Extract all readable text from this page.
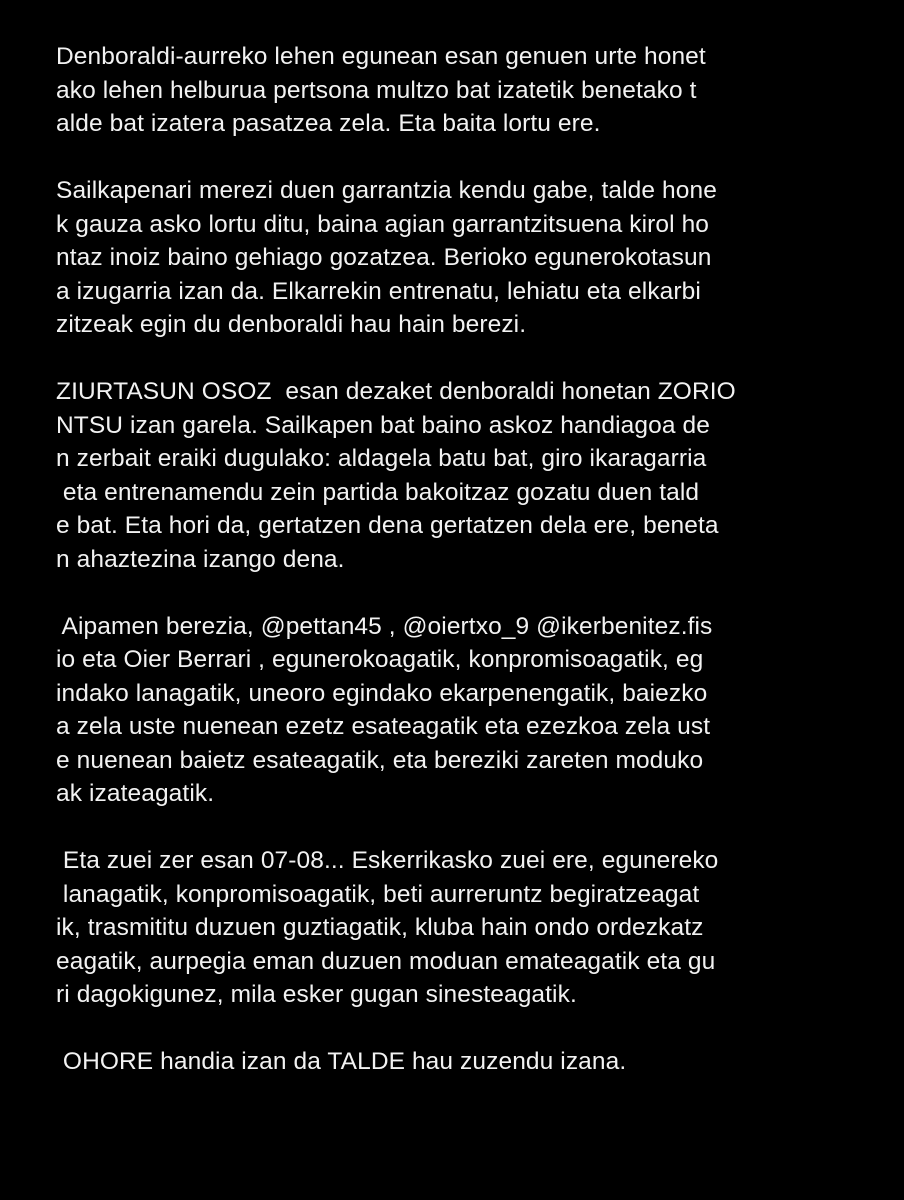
Denboraldi-aurreko lehen egunean esan genuen urte honet
ako lehen helburua pertsona multzo bat izatetik benetako t
alde bat izatera pasatzea zela. Eta baita lortu ere.

Sailkapenari merezi duen garrantzia kendu gabe, talde hone
k gauza asko lortu ditu, baina agian garrantzitsuena kirol ho
ntaz inoiz baino gehiago gozatzea. Berioko egunerokotasun
a izugarria izan da. Elkarrekin entrenatu, lehiatu eta elkarbi
zitzeak egin du denboraldi hau hain berezi.

ZIURTASUN OSOZ  esan dezaket denboraldi honetan ZORIO
NTSU izan garela. Sailkapen bat baino askoz handiagoa de
n zerbait eraiki dugulako: aldagela batu bat, giro ikaragarria
eta entrenamendu zein partida bakoitzaz gozatu duen tald
e bat. Eta hori da, gertatzen dena gertatzen dela ere, beneta
n ahaztezina izango dena.

Aipamen berezia, @pettan45 , @oiertxo_9 @ikerbenitez.fis
io eta Oier Berrari , egunerokoagatik, konpromisoagatik, eg
indako lanagatik, uneoro egindako ekarpenengatik, baiezko
a zela uste nuenean ezetz esateagatik eta ezezkoa zela ust
e nuenean baietz esateagatik, eta bereziki zareten moduko
ak izateagatik.

Eta zuei zer esan 07-08... Eskerrikasko zuei ere, egunereko
lanagatik, konpromisoagatik, beti aurreruntz begiratzeagat
ik, trasmititu duzuen guztiagatik, kluba hain ondo ordezkatz
eagatik, aurpegia eman duzuen moduan emateagatik eta gu
ri dagokigunez, mila esker gugan sinesteagatik.

OHORE handia izan da TALDE hau zuzendu izana.
